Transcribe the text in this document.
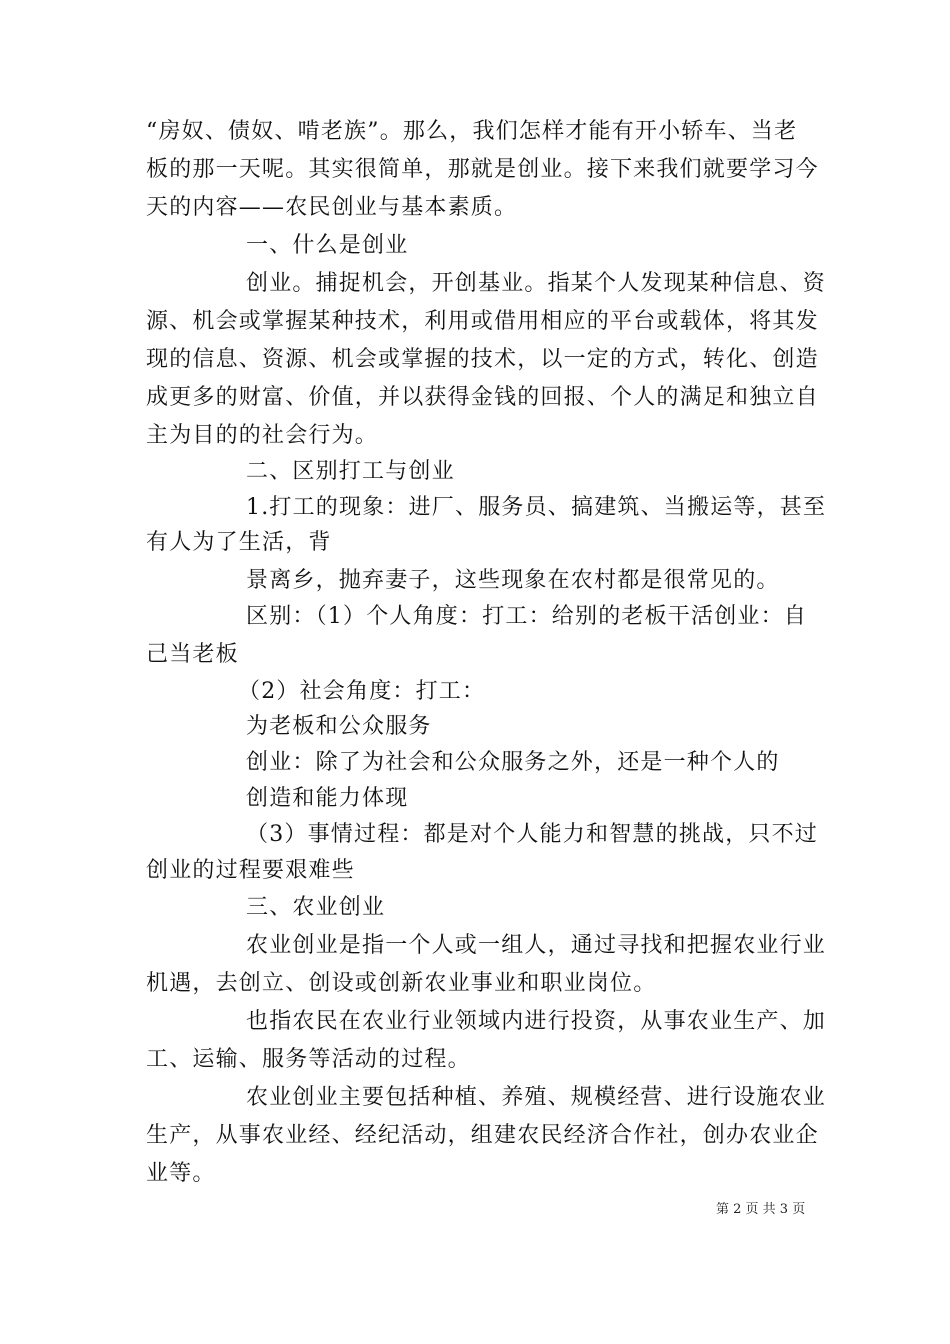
“房奴、债奴、啃老族”。那么，我们怎样才能有开小轿车、当老
板的那一天呢。其实很简单，那就是创业。接下来我们就要学习今
天的内容——农民创业与基本素质。
一、什么是创业
创业。捕捉机会，开创基业。指某个人发现某种信息、资
源、机会或掌握某种技术，利用或借用相应的平台或载体，将其发
现的信息、资源、机会或掌握的技术，以一定的方式，转化、创造
成更多的财富、价值，并以获得金钱的回报、个人的满足和独立自
主为目的的社会行为。
二、区别打工与创业
1.打工的现象：进厂、服务员、搞建筑、当搬运等，甚至
有人为了生活，背
景离乡，抛弃妻子，这些现象在农村都是很常见的。
区别：（1）个人角度：打工：给别的老板干活创业：自
己当老板
（2）社会角度：打工：
为老板和公众服务
创业：除了为社会和公众服务之外，还是一种个人的
创造和能力体现
（3）事情过程：都是对个人能力和智慧的挑战，只不过
创业的过程要艰难些
三、农业创业
农业创业是指一个人或一组人，通过寻找和把握农业行业
机遇，去创立、创设或创新农业事业和职业岗位。
也指农民在农业行业领域内进行投资，从事农业生产、加
工、运输、服务等活动的过程。
农业创业主要包括种植、养殖、规模经营、进行设施农业
生产，从事农业经、经纪活动，组建农民经济合作社，创办农业企
业等。
第 2 页 共 3 页
